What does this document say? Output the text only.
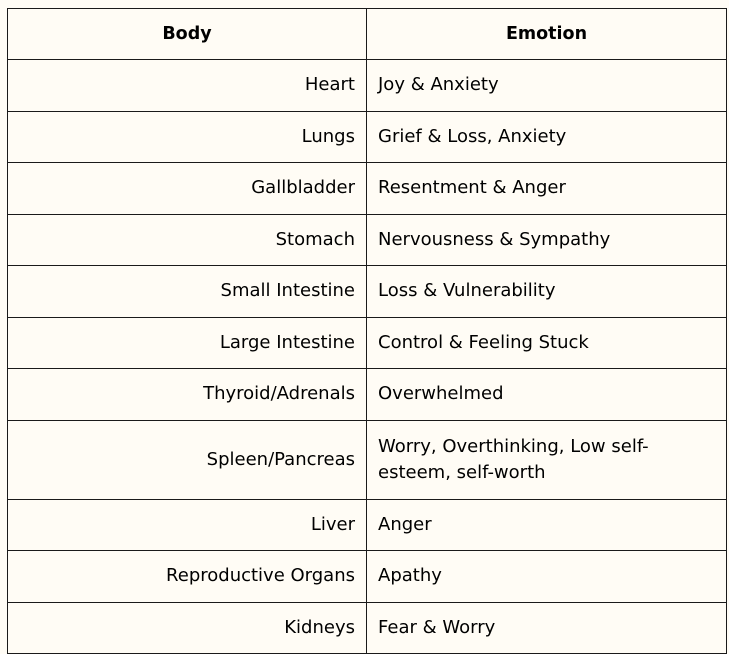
Body	Emotion
Heart	Joy & Anxiety
Lungs	Grief & Loss, Anxiety
Gallbladder	Resentment & Anger
Stomach	Nervousness & Sympathy
Small Intestine	Loss & Vulnerability
Large Intestine	Control & Feeling Stuck
Thyroid/Adrenals	Overwhelmed
Spleen/Pancreas	Worry, Overthinking, Low self-esteem, self-worth
Liver	Anger
Reproductive Organs	Apathy
Kidneys	Fear & Worry
